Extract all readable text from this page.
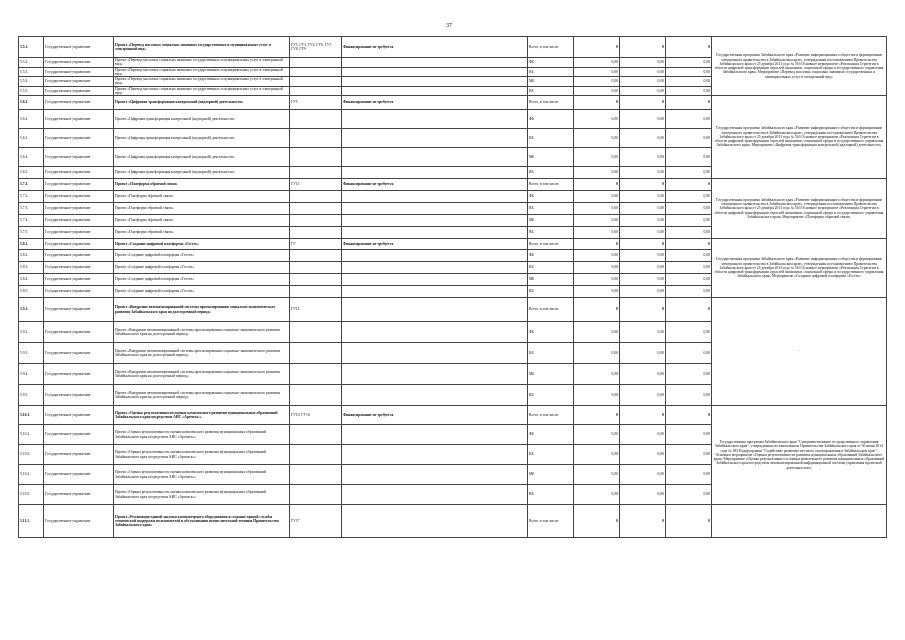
37
5.5.1.	Государственное управление	Проект «Перевод массовых социально значимых государственных и муниципальных услуг в электронный вид»	ГУ5, ГУ3, ГУ4, ГУ6, ГУ7, ГУ8, ГУ9	Финансирование не требуется	Всего, в том числе:	0	0	0	Государственная программа Забайкальского края «Развитие информационного общества и формирование электронного правительства в Забайкальском крае», утвержденная постановлением Правительства Забайкальского края от 25 декабря 2013 года № 563 Основное мероприятие «Реализация Стратегии в области цифровой трансформации отраслей экономики, социальной сферы и государственного управления Забайкальского края» Мероприятие «Перевод массовых социально значимых государственных и муниципальных услуг в электронный вид»
5.5.2.	Государственное управление	Проект «Перевод массовых социально значимых государственных и муниципальных услуг в электронный вид»			ФБ	0,00	0,00	0,00	
5.5.3.	Государственное управление	Проект «Перевод массовых социально значимых государственных и муниципальных услуг в электронный вид»			КБ	0,00	0,00	0,00	
5.5.4.	Государственное управление	Проект «Перевод массовых социально значимых государственных и муниципальных услуг в электронный вид»			МБ	0,00	0,00	0,00	
5.5.5.	Государственное управление	Проект «Перевод массовых социально значимых государственных и муниципальных услуг в электронный вид»			ВБ	0,00	0,00	0,00	
5.6.1.	Государственное управление	Проект «Цифровая трансформация контрольной (надзорной) деятельности»	ГУ5	Финансирование не требуется	Всего, в том числе:	0	0	0	Государственная программа Забайкальского края «Развитие информационного общества и формирование электронного правительства в Забайкальском крае», утвержденная постановлением Правительства Забайкальского края от 25 декабря 2013 года № 563 Основное мероприятие «Реализация Стратегии в области цифровой трансформации отраслей экономики, социальной сферы и государственного управления Забайкальского края» Мероприятие «Цифровая трансформация контрольной (надзорной) деятельности»
5.6.2.	Государственное управление	Проект «Цифровая трансформация контрольной (надзорной) деятельности»			ФБ	0,00	0,00	0,00	
5.6.3.	Государственное управление	Проект «Цифровая трансформация контрольной (надзорной) деятельности»			КБ	0,00	0,00	0,00	
5.6.4.	Государственное управление	Проект «Цифровая трансформация контрольной (надзорной) деятельности»			МБ	0,00	0,00	0,00	
5.6.5.	Государственное управление	Проект «Цифровая трансформация контрольной (надзорной) деятельности»			ВБ	0,00	0,00	0,00	
5.7.1.	Государственное управление	Проект «Платформа обратной связи»	ГУ13	Финансирование не требуется	Всего, в том числе:	0	0	0	Государственная программа Забайкальского края «Развитие информационного общества и формирование электронного правительства в Забайкальском крае», утвержденная постановлением Правительства Забайкальского края от 25 декабря 2013 года № 563 Основное мероприятие «Реализация Стратегии в области цифровой трансформации отраслей экономики, социальной сферы и государственного управления Забайкальского края» Мероприятие «Платформа обратной связи»
5.7.2.	Государственное управление	Проект «Платформа обратной связи»			ФБ	0,00	0,00	0,00	
5.7.3.	Государственное управление	Проект «Платформа обратной связи»			КБ	0,00	0,00	0,00	
5.7.4.	Государственное управление	Проект «Платформа обратной связи»			МБ	0,00	0,00	0,00	
5.7.5.	Государственное управление	Проект «Платформа обратной связи»			ВБ	0,00	0,00	0,00	
5.8.1.	Государственное управление	Проект «Создание цифровой платформы «Гостех»	ГУ	Финансирование не требуется	Всего, в том числе:	0	0	0	Государственная программа Забайкальского края «Развитие информационного общества и формирование электронного правительства в Забайкальском крае», утвержденная постановлением Правительства Забайкальского края от 25 декабря 2013 года № 563 Основное мероприятие «Реализация Стратегии в области цифровой трансформации отраслей экономики, социальной сферы и государственного управления Забайкальского края» Мероприятие «Создание цифровой платформы «Гостех»
5.8.2.	Государственное управление	Проект «Создание цифровой платформы «Гостех»			ФБ	0,00	0,00	0,00	
5.8.3.	Государственное управление	Проект «Создание цифровой платформы «Гостех»			КБ	0,00	0,00	0,00	
5.8.4.	Государственное управление	Проект «Создание цифровой платформы «Гостех»			МБ	0,00	0,00	0,00	
5.8.5.	Государственное управление	Проект «Создание цифровой платформы «Гостех»			ВБ	0,00	0,00	0,00	
5.9.1.	Государственное управление	Проект «Внедрение автоматизированной системы прогнозирования социально-экономического развития Забайкальского края на долгосрочный период»	ГУ14		Всего, в том числе:	0	0	0	-
5.9.2.	Государственное управление	Проект «Внедрение автоматизированной системы прогнозирования социально-экономического развития Забайкальского края на долгосрочный период»			ФБ	0,00	0,00	0,00	
5.9.3.	Государственное управление	Проект «Внедрение автоматизированной системы прогнозирования социально-экономического развития Забайкальского края на долгосрочный период»			КБ	0,00	0,00	0,00	
5.9.4.	Государственное управление	Проект «Внедрение автоматизированной системы прогнозирования социально-экономического развития Забайкальского края на долгосрочный период»			МБ	0,00	0,00	0,00	
5.9.5.	Государственное управление	Проект «Внедрение автоматизированной системы прогнозирования социально-экономического развития Забайкальского края на долгосрочный период»			ВБ	0,00	0,00	0,00	
5.10.1.	Государственное управление	Проект «Оценка результативности оценки комплексного развития муниципальных образований Забайкальского края посредством АИС «Аргента»»	ГУ10, ГУ16	Финансирование не требуется	Всего, в том числе:	0	0	0	Государственная программа Забайкальского края "Совершенствование государственного управления Забайкальского края", утвержденная постановлением Правительства Забайкальского края от 30 июня 2014 года № 383 Подпрограмма "Содействие развитию местного самоуправления в Забайкальском крае". Основное мероприятие «Оценка результативности развития муниципальных образований Забайкальского края» Мероприятие «Оценка результативности оценки комплексного развития муниципальных образований Забайкальского края посредством автоматизированной информационной системы управления проектной деятельностью»
5.10.2.	Государственное управление	Проект «Оценка результативности оценки комплексного развития муниципальных образований Забайкальского края посредством АИС «Аргента»»			ФБ	0,00	0,00	0,00	
5.10.3.	Государственное управление	Проект «Оценка результативности оценки комплексного развития муниципальных образований Забайкальского края посредством АИС «Аргента»»			КБ	0,00	0,00	0,00	
5.10.4.	Государственное управление	Проект «Оценка результативности оценки комплексного развития муниципальных образований Забайкальского края посредством АИС «Аргента»»			МБ	0,00	0,00	0,00	
5.10.5.	Государственное управление	Проект «Оценка результативности оценки комплексного развития муниципальных образований Забайкальского края посредством АИС «Аргента»»			ВБ	0,00	0,00	0,00	
5.11.1.	Государственное управление	Проект «Реализация единой закупки компьютерного оборудования и создание единой службы технической поддержки пользователей и обслуживания вычислительной техники Правительства Забайкальского края»	ГУ17		Всего, в том числе:	0	0	0	
